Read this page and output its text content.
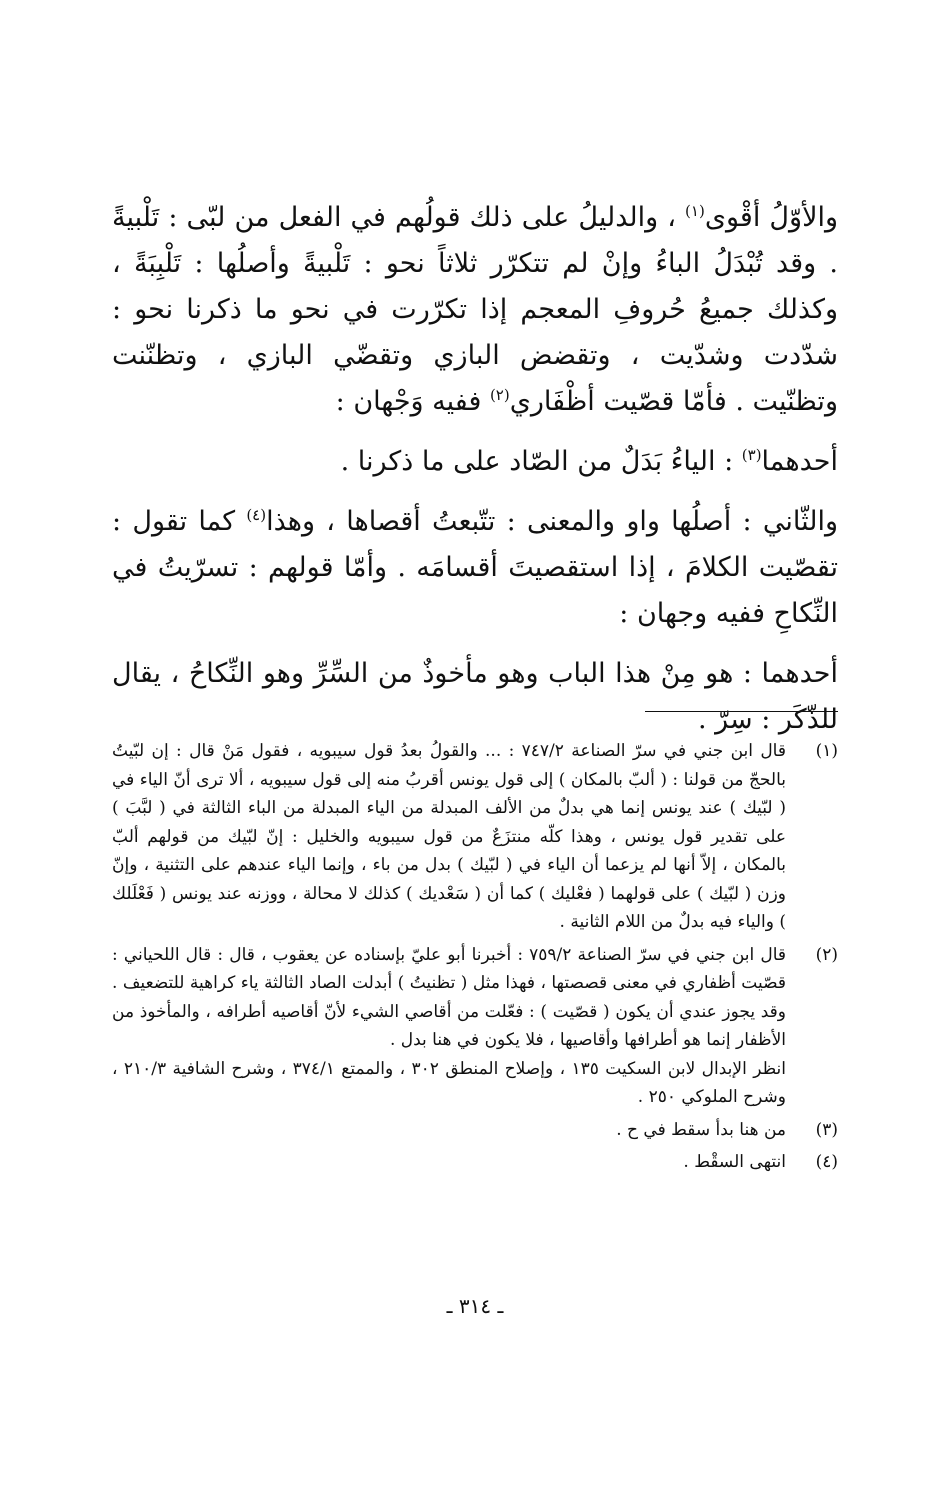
والأوّلُ أقْوى$^{(١)}$ ، والدليلُ على ذلك قولُهم في الفعل من لبّى : تَلْبيةً . وقد تُبْدَلُ الباءُ وإنْ لم تتكرّر ثلاثاً نحو : تَلْبيةً وأصلُها : تَلْبِبَةً ، وكذلك جميعُ حُروفِ المعجم إذا تكرّرت في نحو ما ذكرنا نحو : شدّدت وشدّيت ، وتقضض البازي وتقضّي البازي ، وتظنّنت وتظنّيت . فأمّا قصّيت أظْفَاري$^{(٢)}$ ففيه وَجْهان :

أحدهما$^{(٣)}$ : الياءُ بَدَلٌ من الصّاد على ما ذكرنا .

والثّاني : أصلُها واو والمعنى : تتّبعتُ أقصاها ، وهذا$^{(٤)}$ كما تقول : تقصّيت الكلامَ ، إذا استقصيتَ أقسامَه . وأمّا قولهم : تسرّيتُ في النِّكاحِ ففيه وجهان :

أحدهما : هو مِنْ هذا الباب وهو مأخوذٌ من السِّرِّ وهو النِّكاحُ ، يقال للذّكَر : سِرّ .

(١)

قال ابن جني في سرّ الصناعة ٧٤٧/٢ : ... والقولُ بعدُ قول سيبويه ، فقول مَنْ قال : إن لبّيتُ بالحجّ من قولنا : ( ألبّ بالمكان ) إلى قول يونس أقربُ منه إلى قول سيبويه ، ألا ترى أنّ الياء في ( لبّيك ) عند يونس إنما هي بدلٌ من الألف المبدلة من الياء المبدلة من الباء الثالثة في ( لبَّبَ ) على تقدير قول يونس ، وهذا كلّه منتزَعٌ من قول سيبويه والخليل : إنّ لبّيك من قولهم ألبّ بالمكان ، إلاّ أنها لم يزعما أن الياء في ( لبّيك ) بدل من باء ، وإنما الياء عندهم على التثنية ، وإنّ وزن ( لبّيك ) على قولهما ( فعْليك ) كما أن ( سَعْديك ) كذلك لا محالة ، ووزنه عند يونس ( فَعْلَلك ) والياء فيه بدلٌ من اللام الثانية .

(٢)

قال ابن جني في سرّ الصناعة ٧٥٩/٢ : أخبرنا أبو عليّ بإسناده عن يعقوب ، قال : قال اللحياني : قصّيت أظفاري في معنى قصصتها ، فهذا مثل ( تظنيتُ ) أبدلت الصاد الثالثة ياء كراهية للتضعيف . وقد يجوز عندي أن يكون ( قصّيت ) : فعّلت من أقاصي الشيء لأنّ أقاصيه أطرافه ، والمأخوذ من الأظفار إنما هو أطرافها وأقاصيها ، فلا يكون في هنا بدل .

انظر الإبدال لابن السكيت ١٣٥ ، وإصلاح المنطق ٣٠٢ ، والممتع ٣٧٤/١ ، وشرح الشافية ٢١٠/٣ ، وشرح الملوكي ٢٥٠ .

(٣)

من هنا بدأ سقط في ح .

(٤)

انتهى السقْط .

ـ ٣١٤ ـ
